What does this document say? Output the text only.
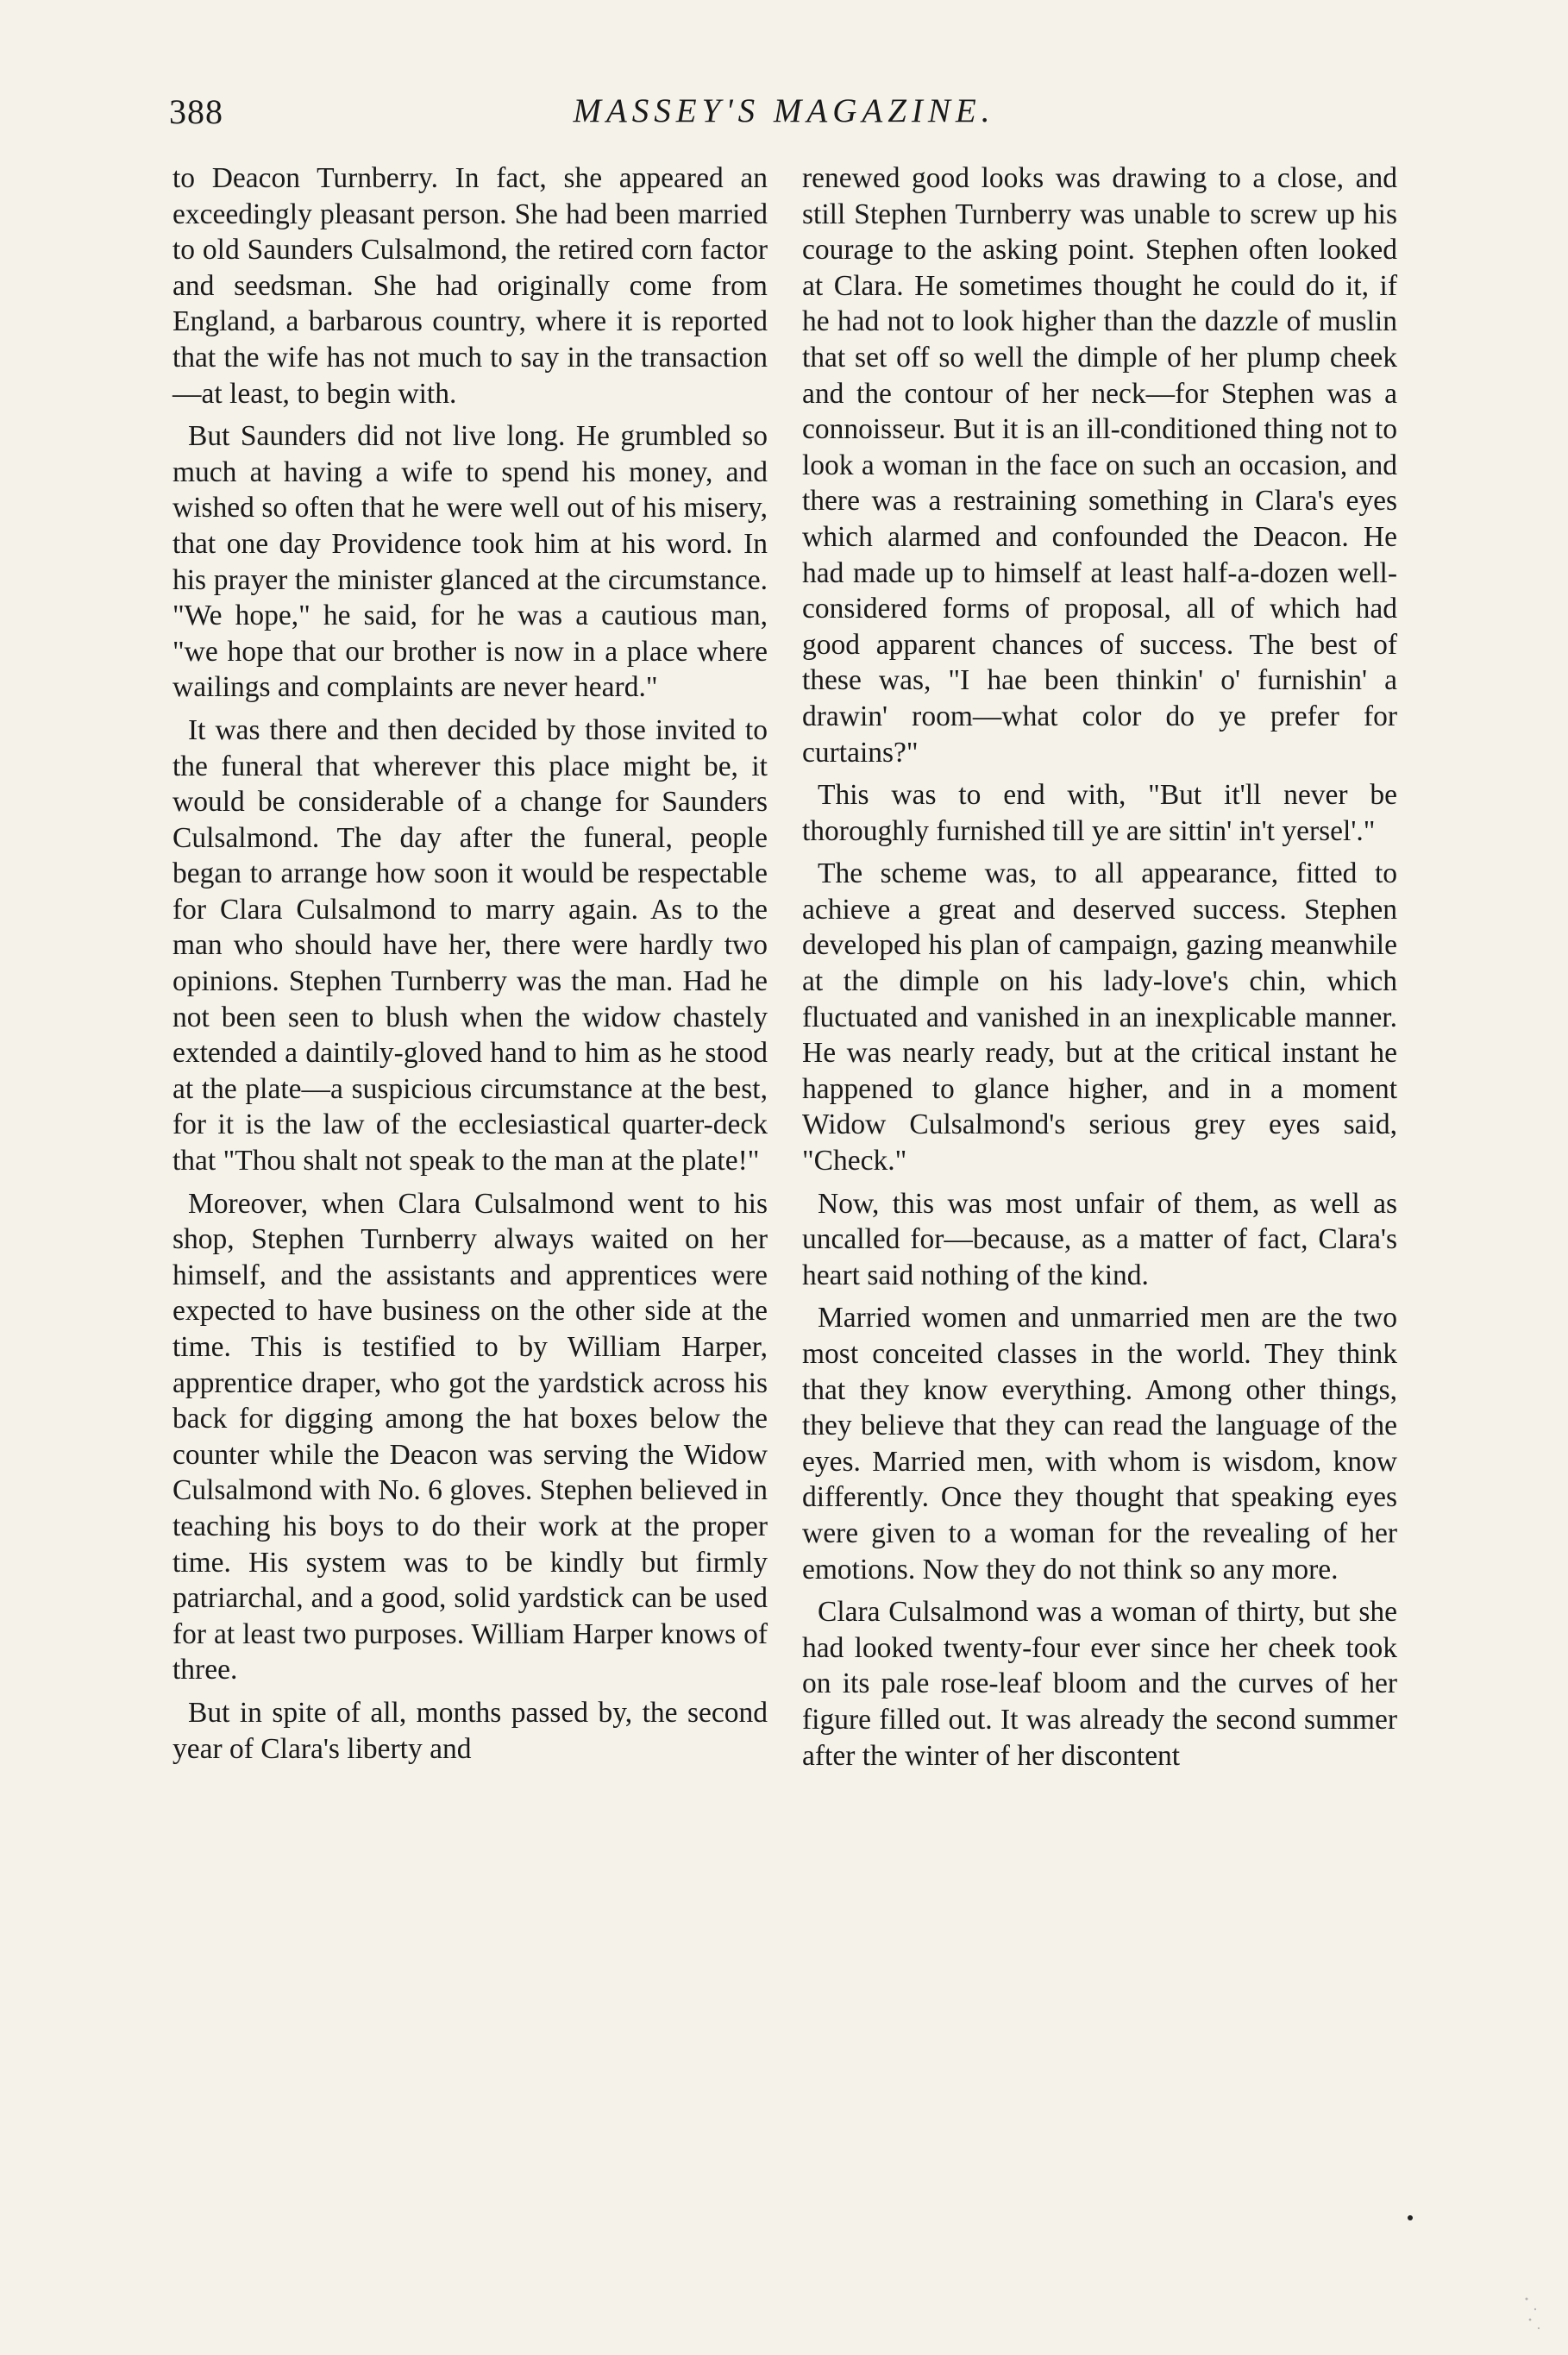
388	MASSEY'S MAGAZINE.

to Deacon Turnberry. In fact, she appeared an exceedingly pleasant person. She had been married to old Saunders Culsalmond, the retired corn factor and seedsman. She had originally come from England, a barbarous country, where it is reported that the wife has not much to say in the transaction—at least, to begin with.

But Saunders did not live long. He grumbled so much at having a wife to spend his money, and wished so often that he were well out of his misery, that one day Providence took him at his word. In his prayer the minister glanced at the circumstance. "We hope," he said, for he was a cautious man, "we hope that our brother is now in a place where wailings and complaints are never heard."

It was there and then decided by those invited to the funeral that wherever this place might be, it would be considerable of a change for Saunders Culsalmond. The day after the funeral, people began to arrange how soon it would be respectable for Clara Culsalmond to marry again. As to the man who should have her, there were hardly two opinions. Stephen Turnberry was the man. Had he not been seen to blush when the widow chastely extended a daintily-gloved hand to him as he stood at the plate—a suspicious circumstance at the best, for it is the law of the ecclesiastical quarter-deck that "Thou shalt not speak to the man at the plate!"

Moreover, when Clara Culsalmond went to his shop, Stephen Turnberry always waited on her himself, and the assistants and apprentices were expected to have business on the other side at the time. This is testified to by William Harper, apprentice draper, who got the yardstick across his back for digging among the hat boxes below the counter while the Deacon was serving the Widow Culsalmond with No. 6 gloves. Stephen believed in teaching his boys to do their work at the proper time. His system was to be kindly but firmly patriarchal, and a good, solid yardstick can be used for at least two purposes. William Harper knows of three.

But in spite of all, months passed by, the second year of Clara's liberty and

renewed good looks was drawing to a close, and still Stephen Turnberry was unable to screw up his courage to the asking point. Stephen often looked at Clara. He sometimes thought he could do it, if he had not to look higher than the dazzle of muslin that set off so well the dimple of her plump cheek and the contour of her neck—for Stephen was a connoisseur. But it is an ill-conditioned thing not to look a woman in the face on such an occasion, and there was a restraining something in Clara's eyes which alarmed and confounded the Deacon. He had made up to himself at least half-a-dozen well-considered forms of proposal, all of which had good apparent chances of success. The best of these was, "I hae been thinkin' o' furnishin' a drawin' room—what color do ye prefer for curtains?"

This was to end with, "But it'll never be thoroughly furnished till ye are sittin' in't yersel'."

The scheme was, to all appearance, fitted to achieve a great and deserved success. Stephen developed his plan of campaign, gazing meanwhile at the dimple on his lady-love's chin, which fluctuated and vanished in an inexplicable manner. He was nearly ready, but at the critical instant he happened to glance higher, and in a moment Widow Culsalmond's serious grey eyes said, "Check."

Now, this was most unfair of them, as well as uncalled for—because, as a matter of fact, Clara's heart said nothing of the kind.

Married women and unmarried men are the two most conceited classes in the world. They think that they know everything. Among other things, they believe that they can read the language of the eyes. Married men, with whom is wisdom, know differently. Once they thought that speaking eyes were given to a woman for the revealing of her emotions. Now they do not think so any more.

Clara Culsalmond was a woman of thirty, but she had looked twenty-four ever since her cheek took on its pale rose-leaf bloom and the curves of her figure filled out. It was already the second summer after the winter of her discontent
